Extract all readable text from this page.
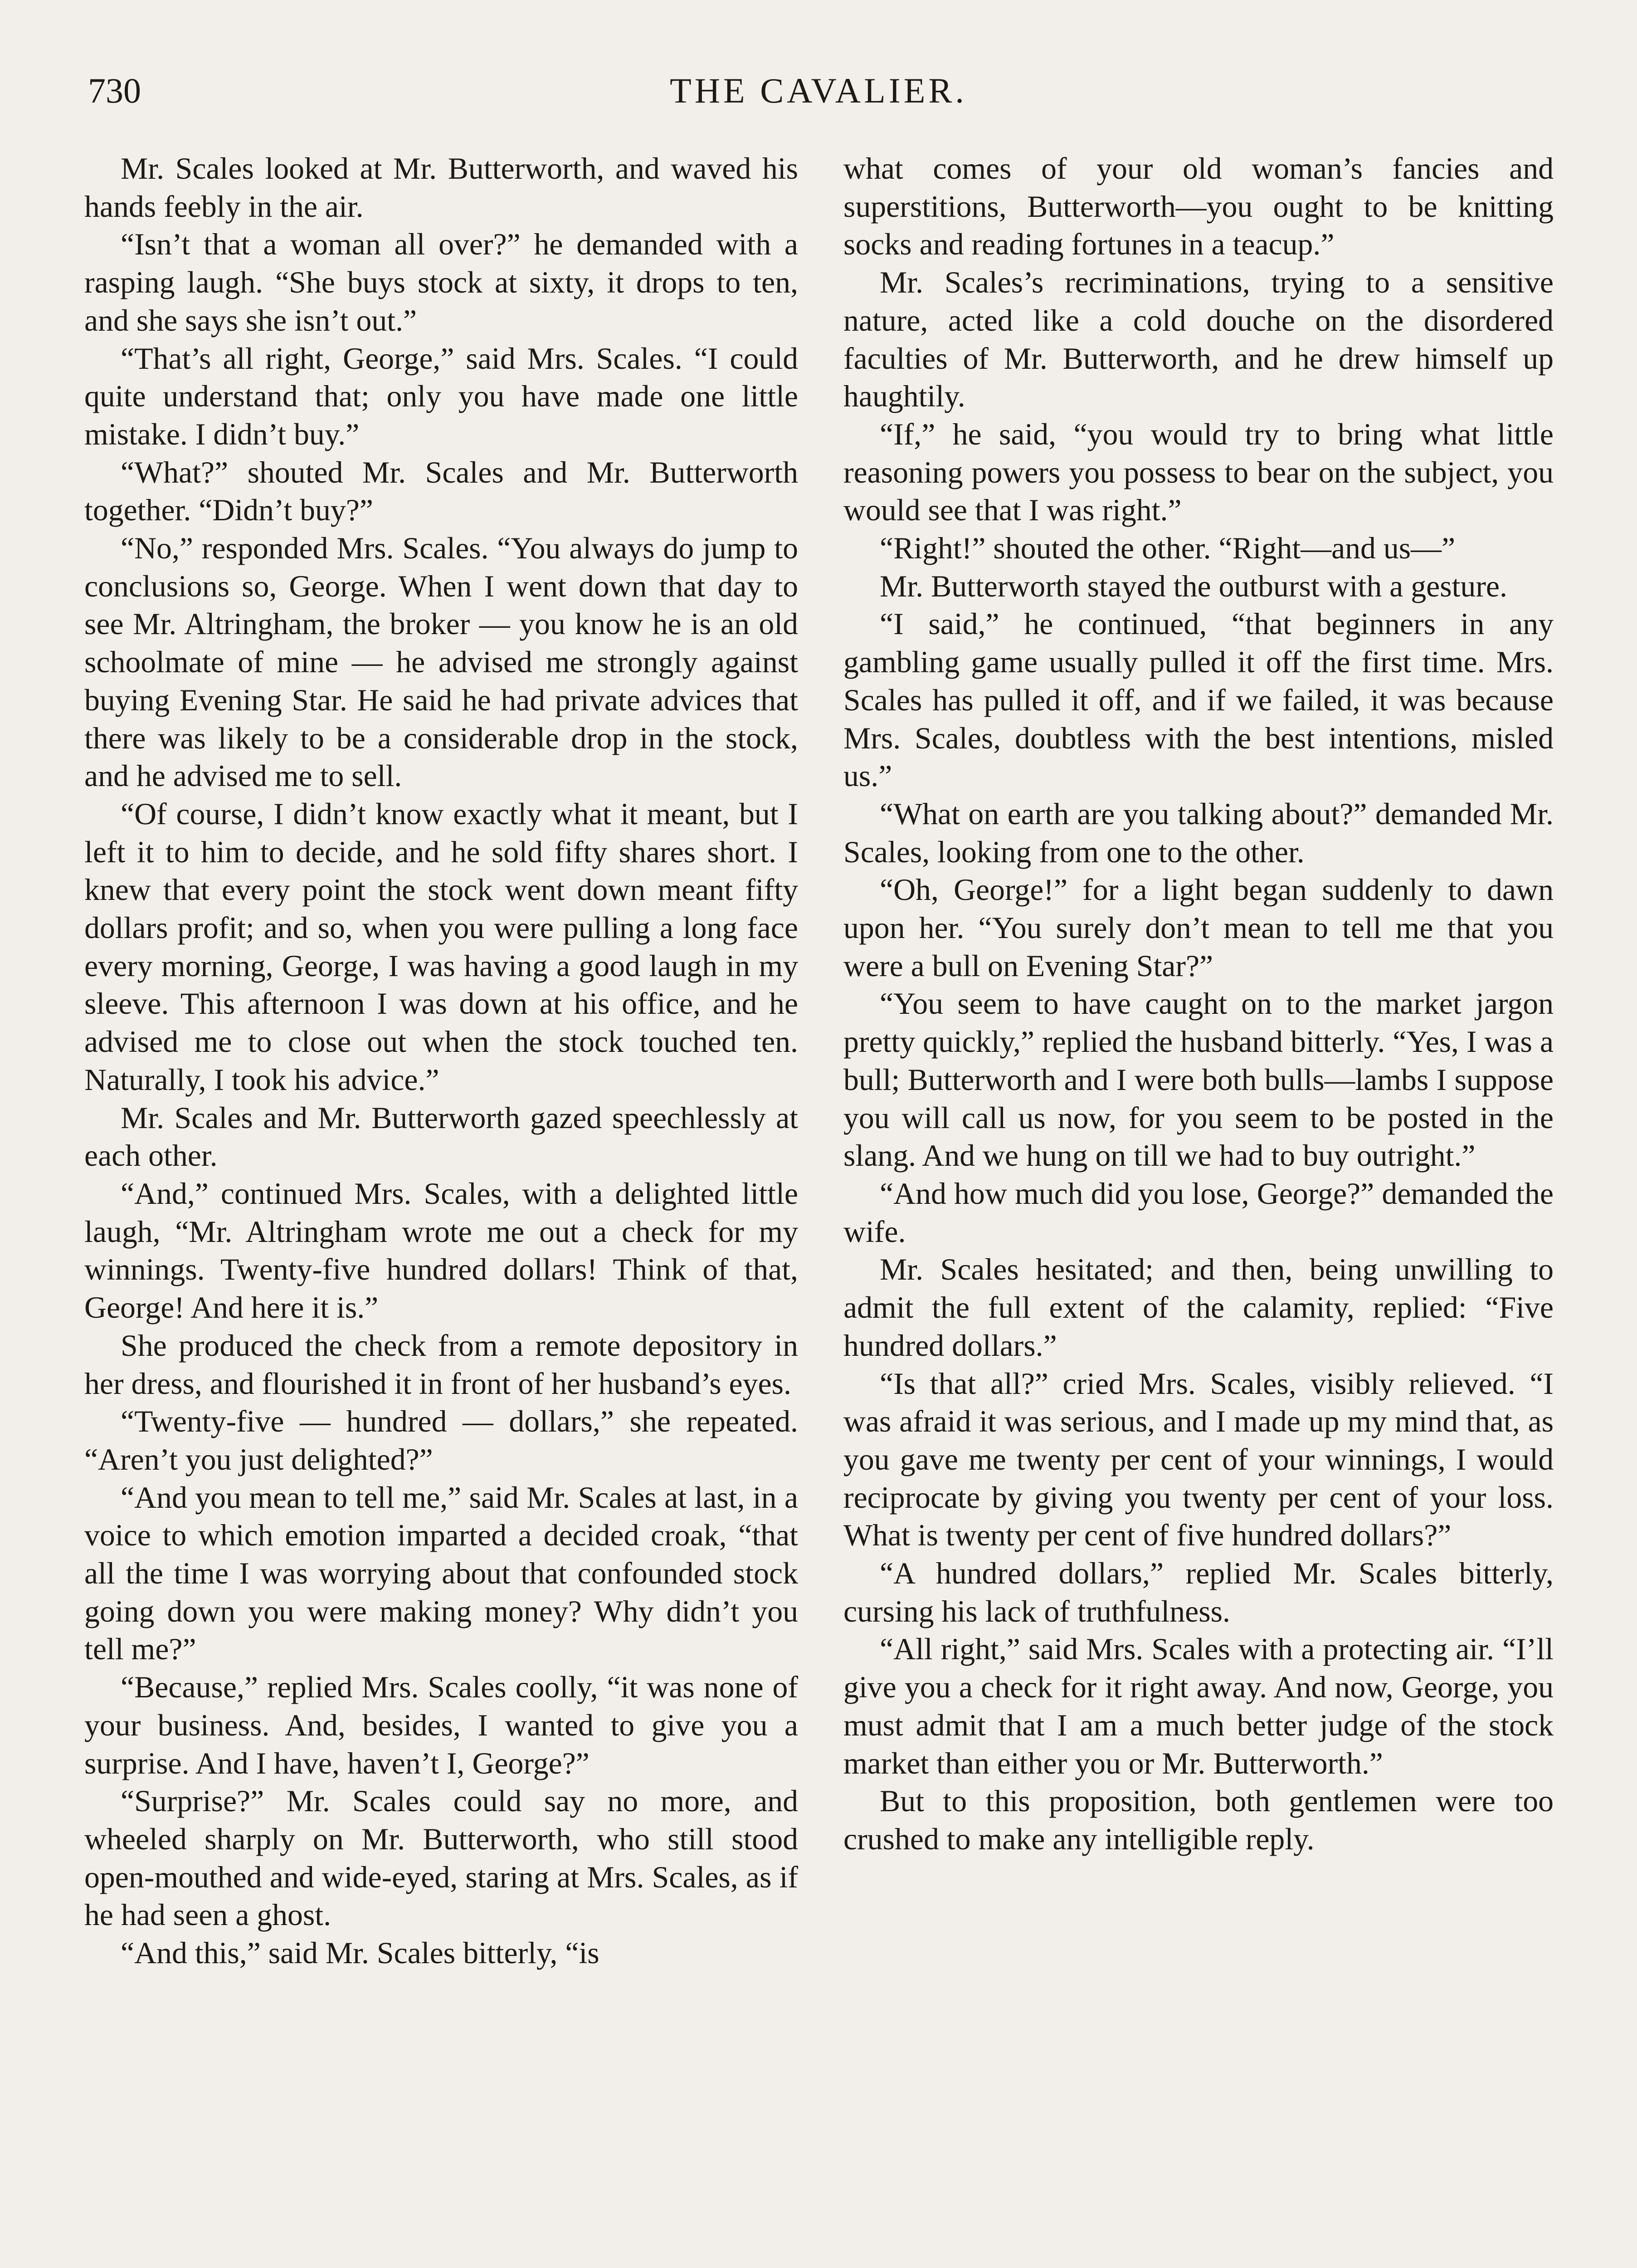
730	THE CAVALIER.

Mr. Scales looked at Mr. Butterworth, and waved his hands feebly in the air.

“Isn’t that a woman all over?” he demanded with a rasping laugh. “She buys stock at sixty, it drops to ten, and she says she isn’t out.”

“That’s all right, George,” said Mrs. Scales. “I could quite understand that; only you have made one little mistake. I didn’t buy.”

“What?” shouted Mr. Scales and Mr. Butterworth together. “Didn’t buy?”

“No,” responded Mrs. Scales. “You always do jump to conclusions so, George. When I went down that day to see Mr. Altringham, the broker — you know he is an old schoolmate of mine — he advised me strongly against buying Evening Star. He said he had private advices that there was likely to be a considerable drop in the stock, and he advised me to sell.

“Of course, I didn’t know exactly what it meant, but I left it to him to decide, and he sold fifty shares short. I knew that every point the stock went down meant fifty dollars profit; and so, when you were pulling a long face every morning, George, I was having a good laugh in my sleeve. This afternoon I was down at his office, and he advised me to close out when the stock touched ten. Naturally, I took his advice.”

Mr. Scales and Mr. Butterworth gazed speechlessly at each other.

“And,” continued Mrs. Scales, with a delighted little laugh, “Mr. Altringham wrote me out a check for my winnings. Twenty-five hundred dollars! Think of that, George! And here it is.”

She produced the check from a remote depository in her dress, and flourished it in front of her husband’s eyes.

“Twenty-five — hundred — dollars,” she repeated. “Aren’t you just delighted?”

“And you mean to tell me,” said Mr. Scales at last, in a voice to which emotion imparted a decided croak, “that all the time I was worrying about that confounded stock going down you were making money? Why didn’t you tell me?”

“Because,” replied Mrs. Scales coolly, “it was none of your business. And, besides, I wanted to give you a surprise. And I have, haven’t I, George?”

“Surprise?” Mr. Scales could say no more, and wheeled sharply on Mr. Butterworth, who still stood open-mouthed and wide-eyed, staring at Mrs. Scales, as if he had seen a ghost.

“And this,” said Mr. Scales bitterly, “is

what comes of your old woman’s fancies and superstitions, Butterworth—you ought to be knitting socks and reading fortunes in a teacup.”

Mr. Scales’s recriminations, trying to a sensitive nature, acted like a cold douche on the disordered faculties of Mr. Butterworth, and he drew himself up haughtily.

“If,” he said, “you would try to bring what little reasoning powers you possess to bear on the subject, you would see that I was right.”

“Right!” shouted the other. “Right—and us—”

Mr. Butterworth stayed the outburst with a gesture.

“I said,” he continued, “that beginners in any gambling game usually pulled it off the first time. Mrs. Scales has pulled it off, and if we failed, it was because Mrs. Scales, doubtless with the best intentions, misled us.”

“What on earth are you talking about?” demanded Mr. Scales, looking from one to the other.

“Oh, George!” for a light began suddenly to dawn upon her. “You surely don’t mean to tell me that you were a bull on Evening Star?”

“You seem to have caught on to the market jargon pretty quickly,” replied the husband bitterly. “Yes, I was a bull; Butterworth and I were both bulls—lambs I suppose you will call us now, for you seem to be posted in the slang. And we hung on till we had to buy outright.”

“And how much did you lose, George?” demanded the wife.

Mr. Scales hesitated; and then, being unwilling to admit the full extent of the calamity, replied: “Five hundred dollars.”

“Is that all?” cried Mrs. Scales, visibly relieved. “I was afraid it was serious, and I made up my mind that, as you gave me twenty per cent of your winnings, I would reciprocate by giving you twenty per cent of your loss. What is twenty per cent of five hundred dollars?”

“A hundred dollars,” replied Mr. Scales bitterly, cursing his lack of truthfulness.

“All right,” said Mrs. Scales with a protecting air. “I’ll give you a check for it right away. And now, George, you must admit that I am a much better judge of the stock market than either you or Mr. Butterworth.”

But to this proposition, both gentlemen were too crushed to make any intelligible reply.
